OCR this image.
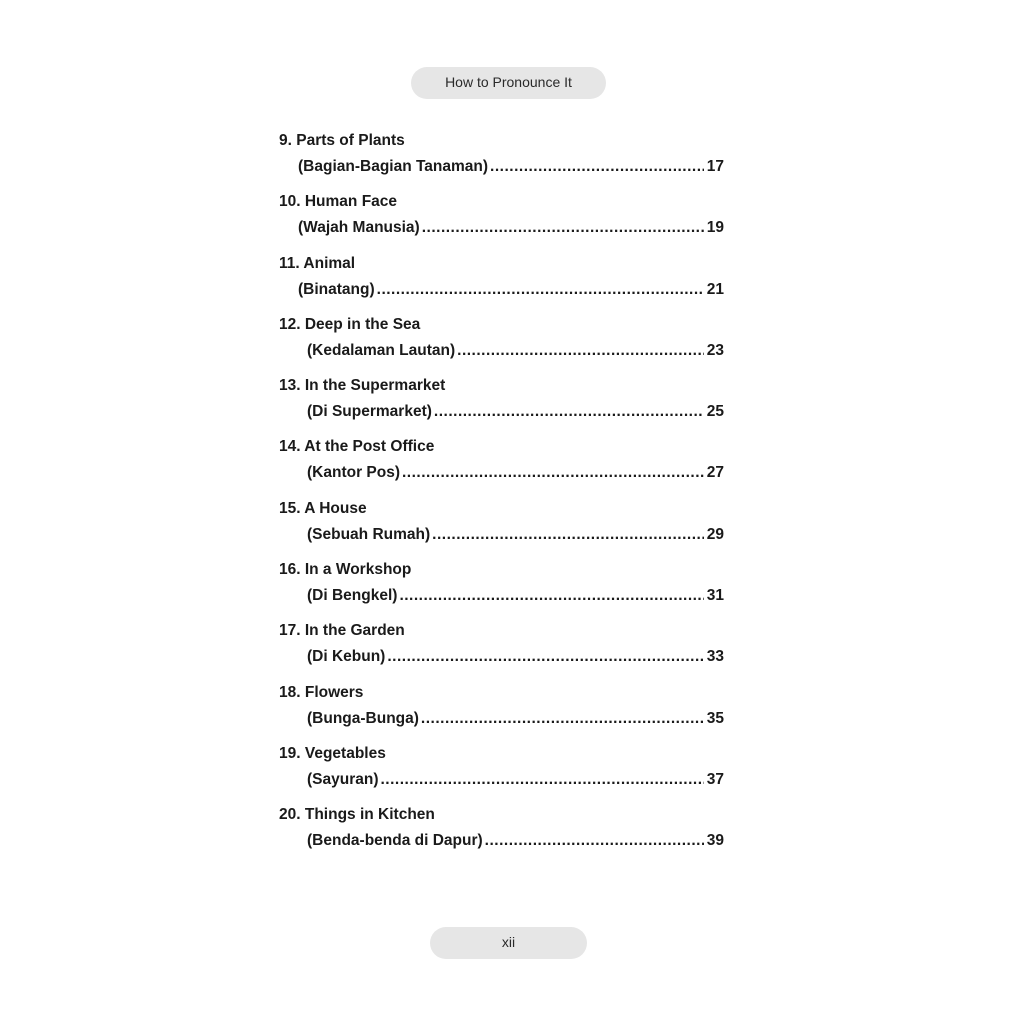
How to Pronounce It
9. Parts of Plants
(Bagian-Bagian Tanaman) .....	17
10. Human Face
(Wajah Manusia) .....	19
11. Animal
(Binatang) .....	21
12. Deep in the Sea
(Kedalaman Lautan) .....	23
13. In the Supermarket
(Di Supermarket) .....	25
14. At the Post Office
(Kantor Pos) .....	27
15. A House
(Sebuah Rumah) .....	29
16. In a Workshop
(Di Bengkel) .....	31
17. In the Garden
(Di Kebun) .....	33
18. Flowers
(Bunga-Bunga) .....	35
19. Vegetables
(Sayuran) .....	37
20. Things in Kitchen
(Benda-benda di Dapur) .....	39
xii
